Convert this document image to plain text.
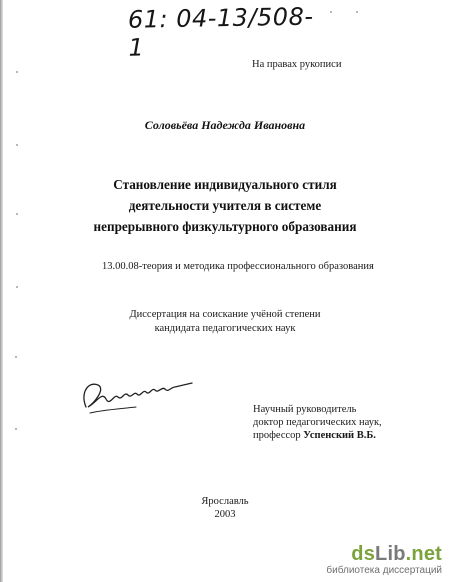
61: 04-13/508-1
На правах рукописи
Соловьёва Надежда Ивановна
Становление индивидуального стиля
деятельности учителя в системе
непрерывного физкультурного образования
13.00.08-теория и методика профессионального образования
Диссертация на соискание учёной степени
кандидата педагогических наук
Научный руководитель
доктор педагогических наук,
профессор Успенский В.Б.
Ярославль
2003
dsLib.net
библиотека диссертаций
